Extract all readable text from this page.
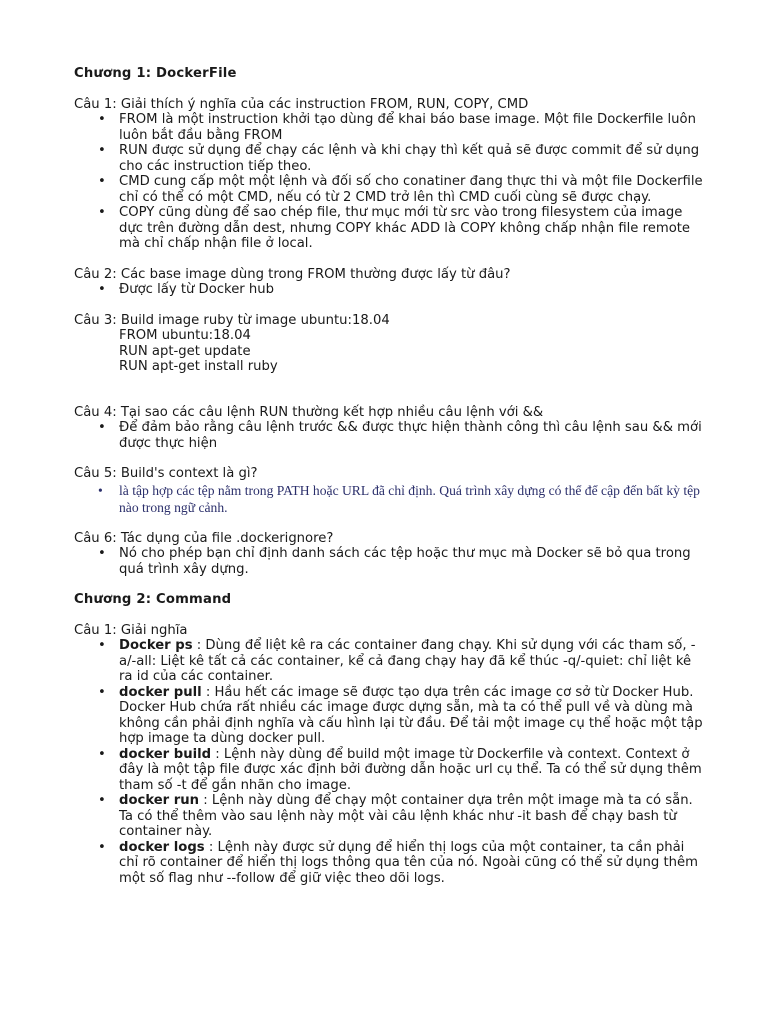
Chương 1: DockerFile

Câu 1: Giải thích ý nghĩa của các instruction FROM, RUN, COPY, CMD

• FROM là một instruction khởi tạo dùng để khai báo base image. Một file Dockerfile luôn luôn bắt đầu bằng FROM
• RUN được sử dụng để chạy các lệnh và khi chạy thì kết quả sẽ được commit để sử dụng cho các instruction tiếp theo.
• CMD cung cấp một một lệnh và đối số cho conatiner đang thực thi và một file Dockerfile chỉ có thể có một CMD, nếu có từ 2 CMD trở lên thì CMD cuối cùng sẽ được chạy.
• COPY cũng dùng để sao chép file, thư mục mới từ src vào trong filesystem của image dực trên đường dẫn dest, nhưng COPY khác ADD là COPY không chấp nhận file remote mà chỉ chấp nhận file ở local.

Câu 2: Các base image dùng trong FROM thường được lấy từ đâu?

• Được lấy từ Docker hub

Câu 3: Build image ruby từ image ubuntu:18.04

FROM ubuntu:18.04

RUN apt-get update

RUN apt-get install ruby

Câu 4: Tại sao các câu lệnh RUN thường kết hợp nhiều câu lệnh với &&

• Để đảm bảo rằng câu lệnh trước && được thực hiện thành công thì câu lệnh sau && mới được thực hiện

Câu 5: Build's context là gì?

• là tập hợp các tệp nằm trong PATH hoặc URL đã chỉ định. Quá trình xây dựng có thể để cập đến bất kỳ tệp nào trong ngữ cảnh.

Câu 6: Tác dụng của file .dockerignore?

• Nó cho phép bạn chỉ định danh sách các tệp hoặc thư mục mà Docker sẽ bỏ qua trong quá trình xây dựng.

Chương 2: Command

Câu 1: Giải nghĩa

• Docker ps : Dùng để liệt kê ra các container đang chạy. Khi sử dụng với các tham số, -a/-all: Liệt kê tất cả các container, kể cả đang chạy hay đã kể thúc -q/-quiet: chỉ liệt kê ra id của các container.
• docker pull : Hầu hết các image sẽ được tạo dựa trên các image cơ sở từ Docker Hub. Docker Hub chứa rất nhiều các image được dựng sẵn, mà ta có thể pull về và dùng mà không cần phải định nghĩa và cấu hình lại từ đầu. Để tải một image cụ thể hoặc một tập hợp image ta dùng docker pull.
• docker build : Lệnh này dùng để build một image từ Dockerfile và context. Context ở đây là một tập file được xác định bởi đường dẫn hoặc url cụ thể. Ta có thể sử dụng thêm tham số -t để gắn nhãn cho image.
• docker run : Lệnh này dùng để chạy một container dựa trên một image mà ta có sẵn. Ta có thể thêm vào sau lệnh này một vài câu lệnh khác như -it bash để chạy bash từ container này.
• docker logs : Lệnh này được sử dụng để hiển thị logs của một container, ta cần phải chỉ rõ container để hiển thị logs thông qua tên của nó. Ngoài cũng có thể sử dụng thêm một số flag như --follow để giữ việc theo dõi logs.
